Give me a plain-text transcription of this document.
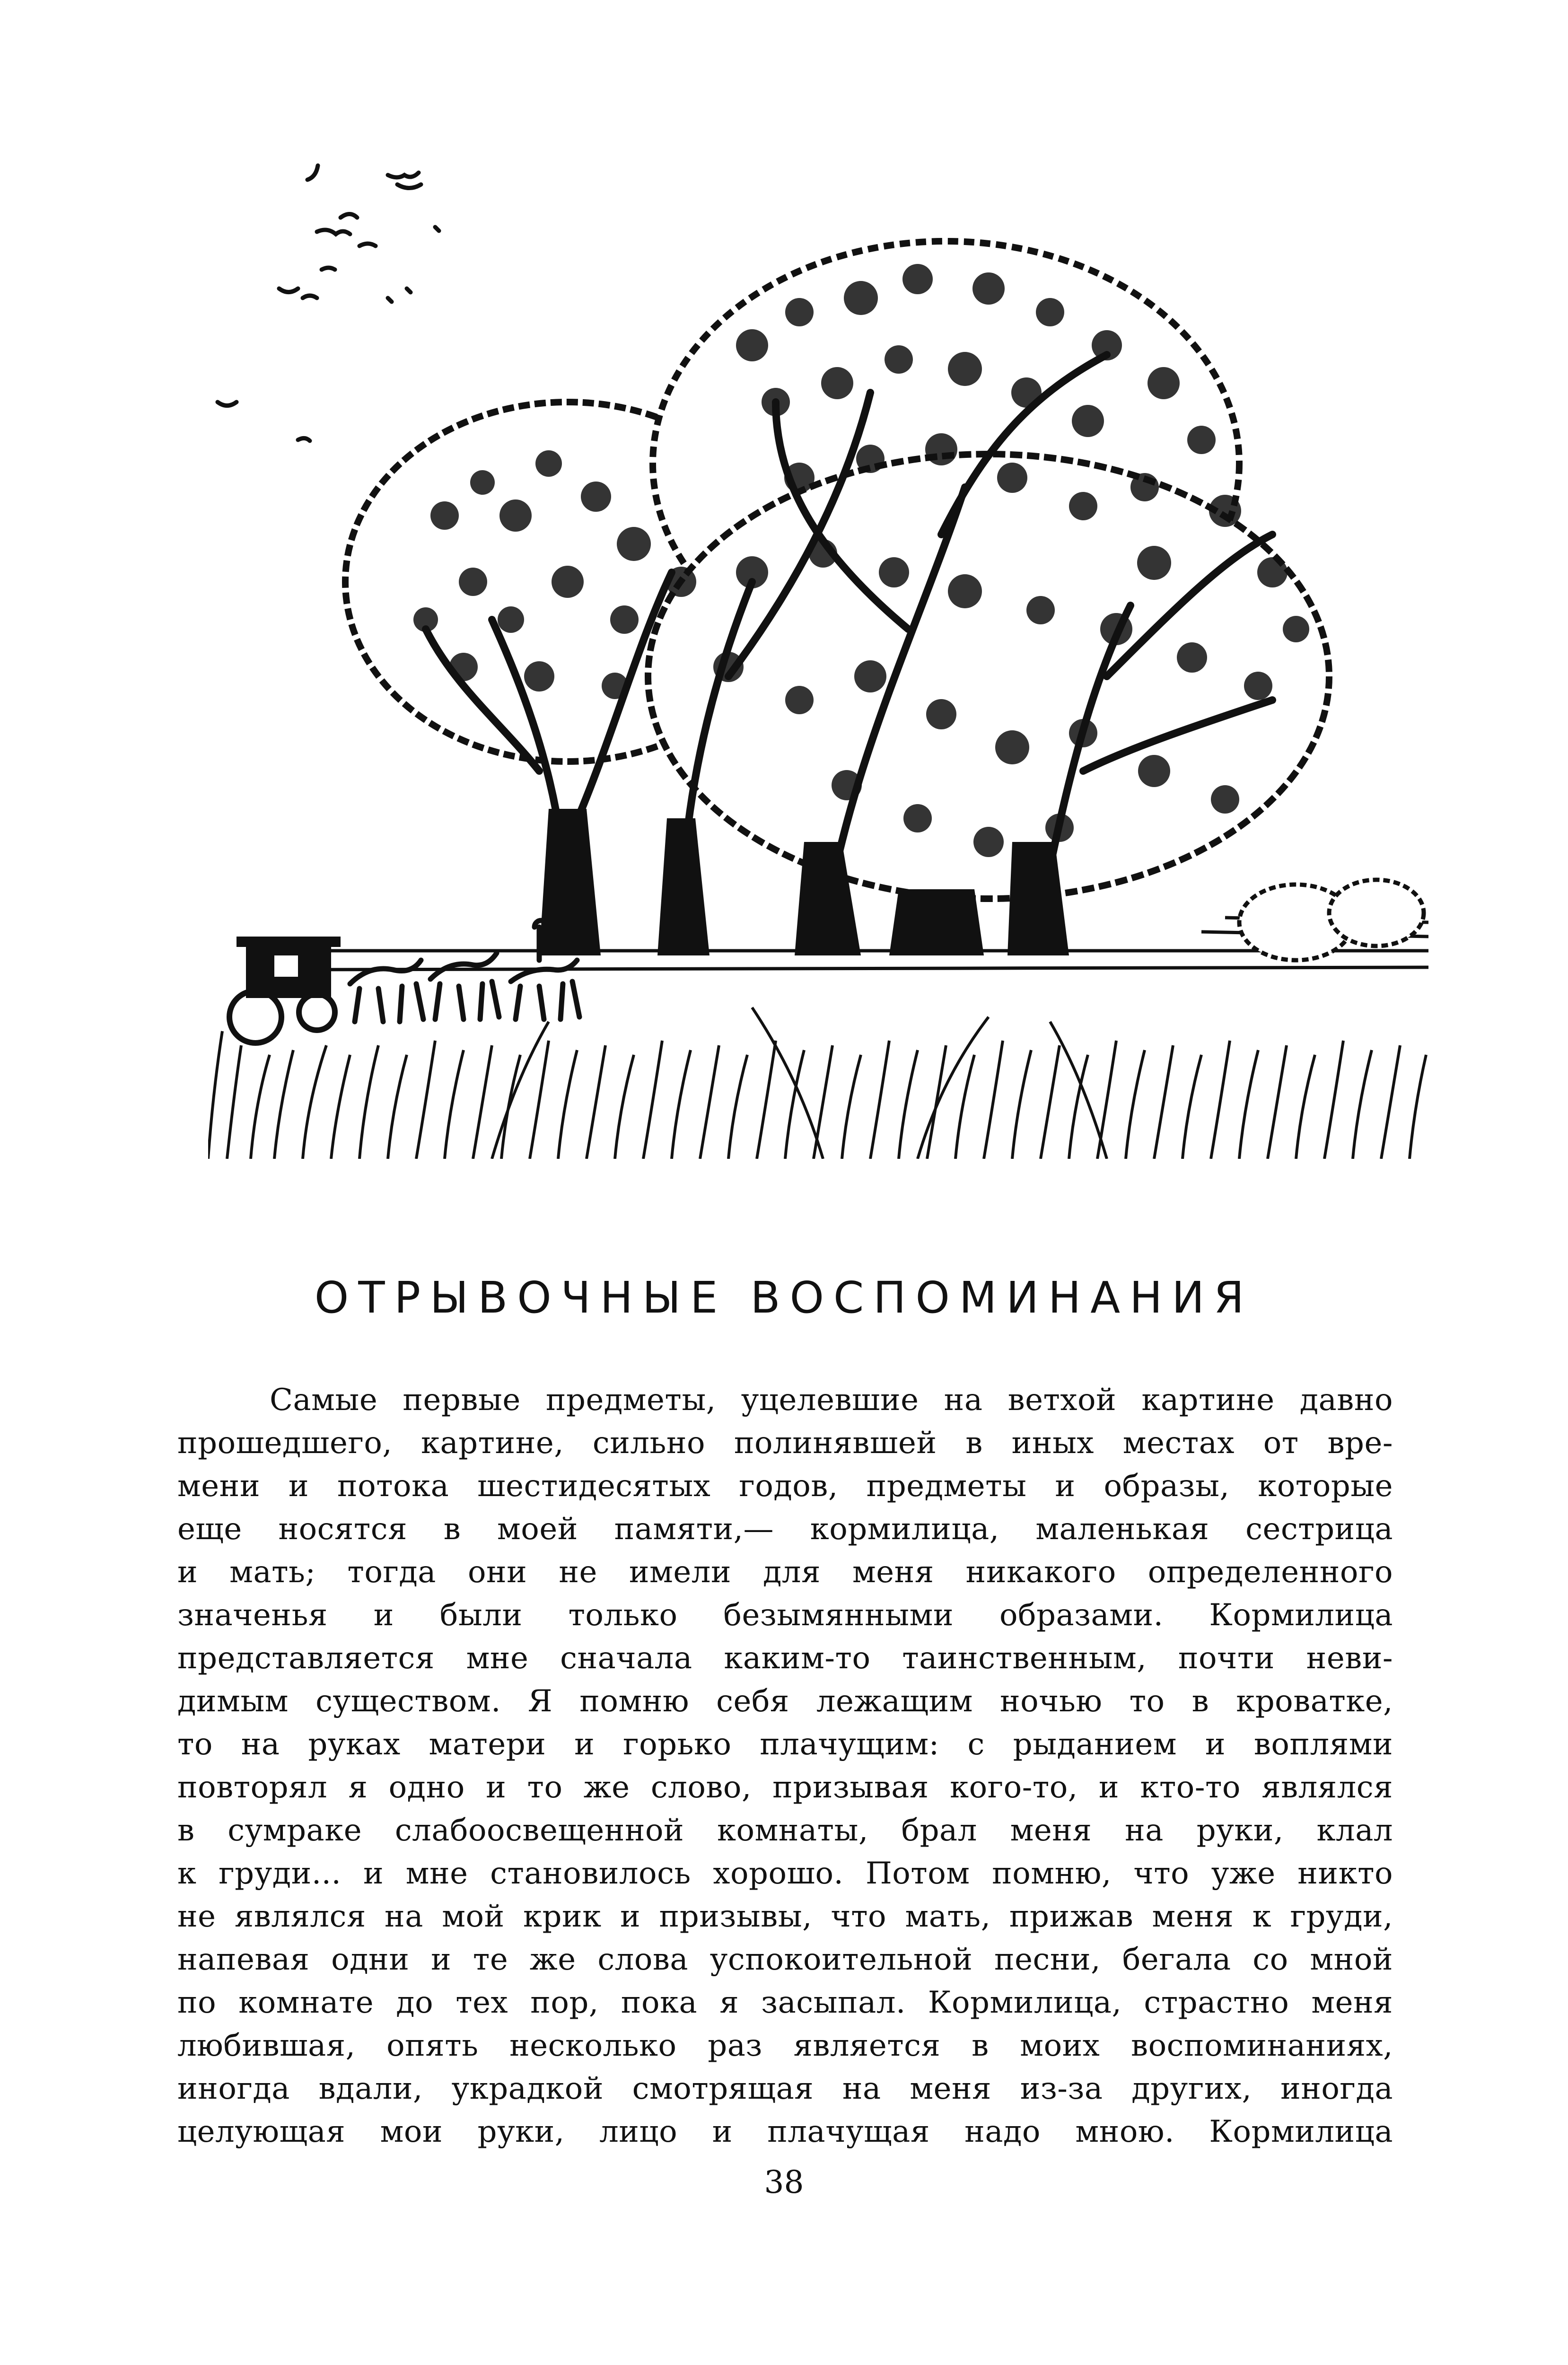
ОТРЫВОЧНЫЕ ВОСПОМИНАНИЯ
Самые первые предметы, уцелевшие на ветхой картине давно
прошедшего, картине, сильно полинявшей в иных местах от вре-
мени и потока шестидесятых годов, предметы и образы, которые
еще носятся в моей памяти,— кормилица, маленькая сестрица
и мать; тогда они не имели для меня никакого определенного
значенья и были только безымянными образами. Кормилица
представляется мне сначала каким-то таинственным, почти неви-
димым существом. Я помню себя лежащим ночью то в кроватке,
то на руках матери и горько плачущим: с рыданием и воплями
повторял я одно и то же слово, призывая кого-то, и кто-то являлся
в сумраке слабоосвещенной комнаты, брал меня на руки, клал
к груди... и мне становилось хорошо. Потом помню, что уже никто
не являлся на мой крик и призывы, что мать, прижав меня к груди,
напевая одни и те же слова успокоительной песни, бегала со мной
по комнате до тех пор, пока я засыпал. Кормилица, страстно меня
любившая, опять несколько раз является в моих воспоминаниях,
иногда вдали, украдкой смотрящая на меня из-за других, иногда
целующая мои руки, лицо и плачущая надо мною. Кормилица
38
